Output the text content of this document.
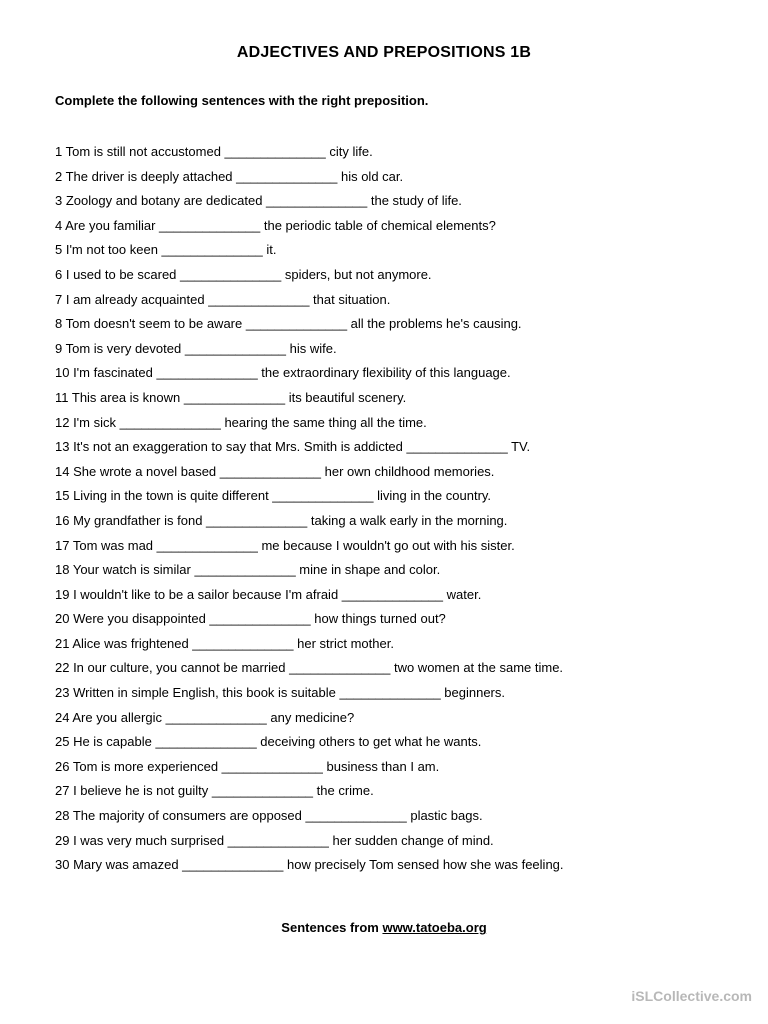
ADJECTIVES AND PREPOSITIONS 1B
Complete the following sentences with the right preposition.
1 Tom is still not accustomed ______________ city life.
2 The driver is deeply attached ______________ his old car.
3 Zoology and botany are dedicated ______________ the study of life.
4 Are you familiar ______________ the periodic table of chemical elements?
5 I'm not too keen ______________ it.
6 I used to be scared ______________ spiders, but not anymore.
7 I am already acquainted ______________ that situation.
8 Tom doesn't seem to be aware ______________ all the problems he's causing.
9 Tom is very devoted ______________ his wife.
10 I'm fascinated ______________ the extraordinary flexibility of this language.
11 This area is known ______________ its beautiful scenery.
12 I'm sick ______________ hearing the same thing all the time.
13 It's not an exaggeration to say that Mrs. Smith is addicted ______________ TV.
14 She wrote a novel based ______________ her own childhood memories.
15 Living in the town is quite different ______________ living in the country.
16 My grandfather is fond ______________ taking a walk early in the morning.
17 Tom was mad ______________ me because I wouldn't go out with his sister.
18 Your watch is similar ______________ mine in shape and color.
19 I wouldn't like to be a sailor because I'm afraid ______________ water.
20 Were you disappointed ______________ how things turned out?
21 Alice was frightened ______________ her strict mother.
22 In our culture, you cannot be married ______________ two women at the same time.
23 Written in simple English, this book is suitable ______________ beginners.
24 Are you allergic ______________ any medicine?
25 He is capable ______________ deceiving others to get what he wants.
26 Tom is more experienced ______________ business than I am.
27 I believe he is not guilty ______________ the crime.
28 The majority of consumers are opposed ______________ plastic bags.
29 I was very much surprised ______________ her sudden change of mind.
30 Mary was amazed ______________ how precisely Tom sensed how she was feeling.
Sentences from www.tatoeba.org
iSLCollective.com
